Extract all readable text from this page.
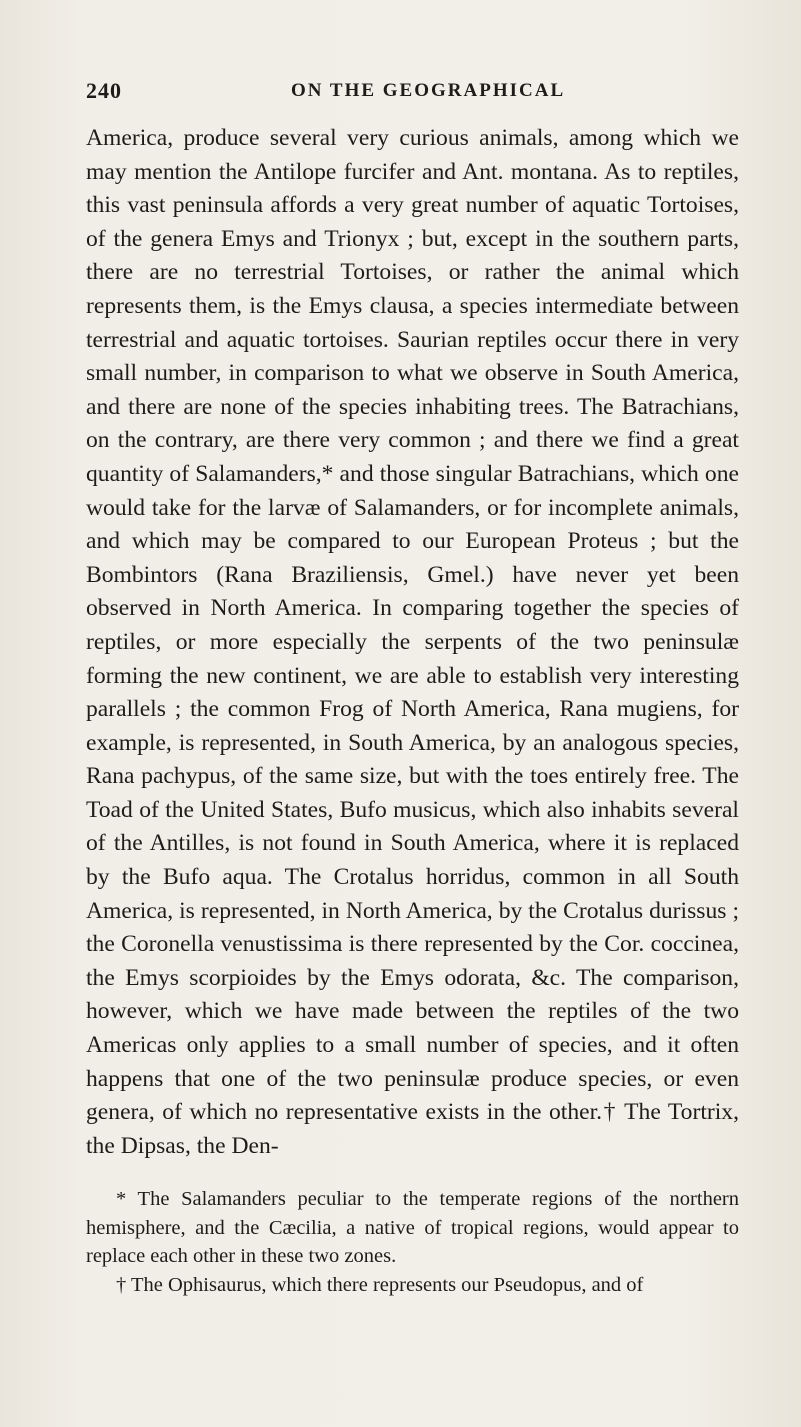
240	ON THE GEOGRAPHICAL

America, produce several very curious animals, among which we may mention the Antilope furcifer and Ant. montana. As to reptiles, this vast peninsula affords a very great number of aquatic Tortoises, of the genera Emys and Trionyx ; but, except in the southern parts, there are no terrestrial Tortoises, or rather the animal which represents them, is the Emys clausa, a species intermediate between terrestrial and aquatic tortoises. Saurian reptiles occur there in very small number, in comparison to what we observe in South America, and there are none of the species inhabiting trees. The Batrachians, on the contrary, are there very common ; and there we find a great quantity of Salamanders,* and those singular Batrachians, which one would take for the larvæ of Salamanders, or for incomplete animals, and which may be compared to our European Proteus ; but the Bombintors (Rana Braziliensis, Gmel.) have never yet been observed in North America. In comparing together the species of reptiles, or more especially the serpents of the two peninsulæ forming the new continent, we are able to establish very interesting parallels ; the common Frog of North America, Rana mugiens, for example, is represented, in South America, by an analogous species, Rana pachypus, of the same size, but with the toes entirely free. The Toad of the United States, Bufo musicus, which also inhabits several of the Antilles, is not found in South America, where it is replaced by the Bufo aqua. The Crotalus horridus, common in all South America, is represented, in North America, by the Crotalus durissus ; the Coronella venustissima is there represented by the Cor. coccinea, the Emys scorpioides by the Emys odorata, &c. The comparison, however, which we have made between the reptiles of the two Americas only applies to a small number of species, and it often happens that one of the two peninsulæ produce species, or even genera, of which no representative exists in the other.† The Tortrix, the Dipsas, the Den-

* The Salamanders peculiar to the temperate regions of the northern hemisphere, and the Cæcilia, a native of tropical regions, would appear to replace each other in these two zones.

† The Ophisaurus, which there represents our Pseudopus, and of
